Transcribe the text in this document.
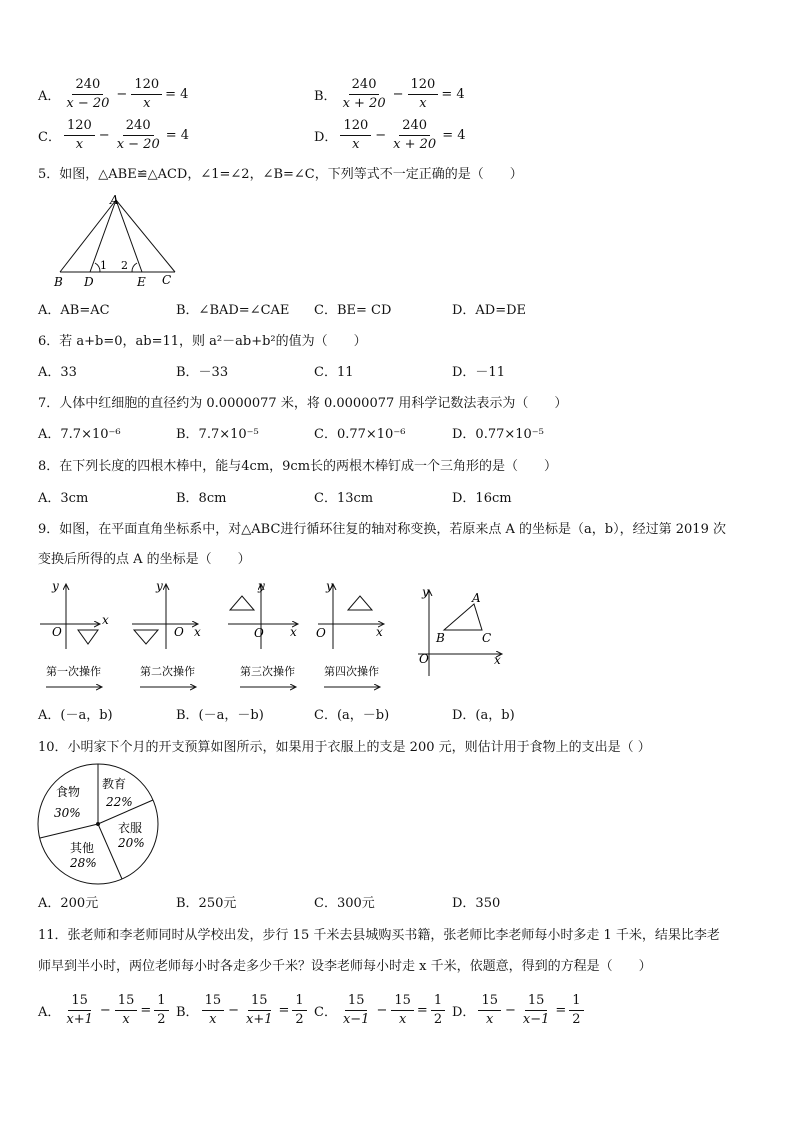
A． $\frac{240}{x - 20} - \frac{120}{x} = 4$	B． $\frac{240}{x + 20} - \frac{120}{x} = 4$
C． $\frac{120}{x} - \frac{240}{x - 20} = 4$	D． $\frac{120}{x} - \frac{240}{x + 20} = 4$
5．如图，△ABE≌△ACD，∠1=∠2，∠B=∠C，下列等式不一定正确的是（　　）
A
B D	E C
1 2
A．AB=AC	B．∠BAD=∠CAE C．BE= CD	D．AD=DE
6．若 a+b=0，ab=11，则 a²－ab+b²的值为（　　）
A．33	B．－33	C．11	D．－11
7．人体中红细胞的直径约为 0.0000077 米，将 0.0000077 用科学记数法表示为（　　）
A．7.7×10⁻⁶	B．7.7×10⁻⁵	C．0.77×10⁻⁶	D．0.77×10⁻⁵
8．在下列长度的四根木棒中，能与4cm，9cm长的两根木棒钉成一个三角形的是（　　）
A．3cm	B．8cm	C．13cm	D．16cm
9．如图，在平面直角坐标系中，对△ABC进行循环往复的轴对称变换，若原来点 A 的坐标是（a，b），经过第 2019 次
变换后所得的点 A 的坐标是（　　）
y
x
O
y
x
O
y
x
O
y
x
O
y
x
O
A
B	C
第一次操作	第二次操作	第三次操作	第四次操作
A．(－a，b)	B．(－a，－b)	C．(a，－b)	D．(a，b)
10．小明家下个月的开支预算如图所示，如果用于衣服上的支是 200 元，则估计用于食物上的支出是（ ）
食物
30%
教育
22%
衣服
20%
其他
28%
A．200元	B．250元	C．300元	D．350
11．张老师和李老师同时从学校出发，步行 15 千米去县城购买书籍，张老师比李老师每小时多走 1 千米，结果比李老
师早到半小时，两位老师每小时各走多少千米？设李老师每小时走 x 千米，依题意，得到的方程是（　　）
A． $\frac{15}{x+1} - \frac{15}{x} = \frac{1}{2}$ B． $\frac{15}{x} - \frac{15}{x+1} = \frac{1}{2}$ C． $\frac{15}{x-1} - \frac{15}{x} = \frac{1}{2}$ D． $\frac{15}{x} - \frac{15}{x-1} = \frac{1}{2}$
